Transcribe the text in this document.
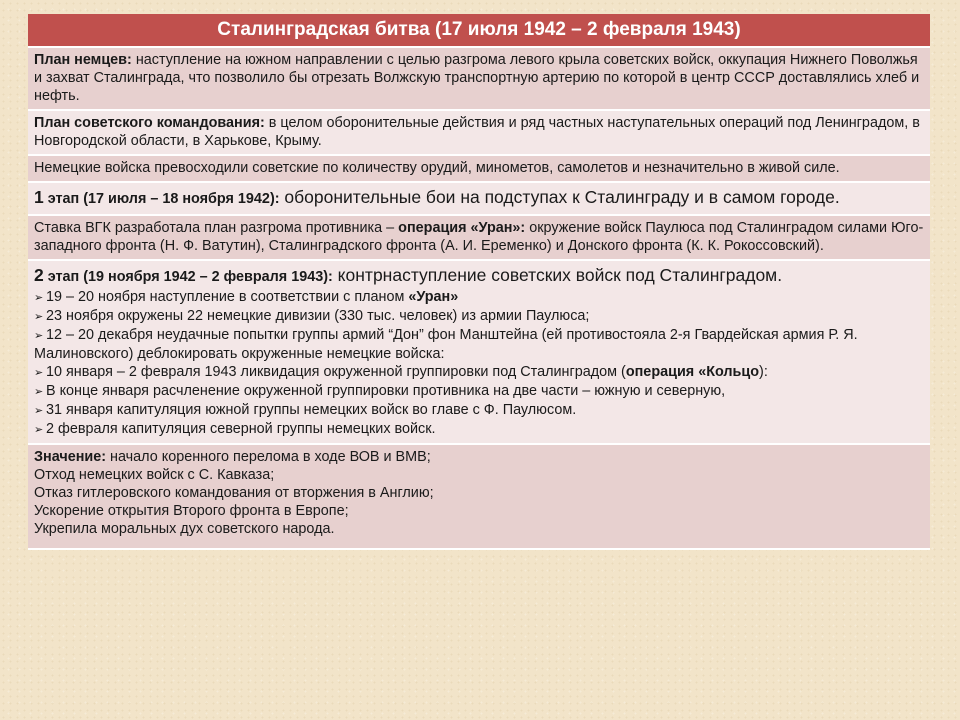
Сталинградская битва (17 июля 1942 – 2 февраля 1943)
План немцев: наступление на южном направлении с целью разгрома левого крыла советских войск, оккупация Нижнего Поволжья и захват Сталинграда, что позволило бы отрезать Волжскую транспортную артерию по которой в центр СССР доставлялись хлеб и нефть.
План советского командования: в целом оборонительные действия и ряд частных наступательных операций под Ленинградом, в Новгородской области, в Харькове, Крыму.
Немецкие войска превосходили советские по количеству орудий, минометов, самолетов и незначительно в живой силе.
1 этап (17 июля – 18 ноября 1942): оборонительные бои на подступах к Сталинграду и в самом городе.
Ставка ВГК разработала план разгрома противника – операция «Уран»: окружение войск Паулюса под Сталинградом силами Юго-западного фронта (Н. Ф. Ватутин), Сталинградского фронта (А. И. Еременко) и Донского фронта (К. К. Рокоссовский).
2 этап (19 ноября 1942 – 2 февраля 1943): контрнаступление советских войск под Сталинградом.
➢ 19 – 20 ноября наступление в соответствии с планом «Уран»
➢ 23 ноября окружены 22 немецкие дивизии (330 тыс. человек) из армии Паулюса;
➢ 12 – 20 декабря неудачные попытки группы армий “Дон” фон Манштейна (ей противостояла 2-я Гвардейская армия Р. Я. Малиновского) деблокировать окруженные немецкие войска:
➢ 10 января – 2 февраля 1943 ликвидация окруженной группировки под Сталинградом (операция «Кольцо):
➢ В конце января расчленение окруженной группировки противника на две части – южную и северную,
➢ 31 января капитуляция южной группы немецких войск во главе с Ф. Паулюсом.
➢ 2 февраля капитуляция северной группы немецких войск.
Значение: начало коренного перелома в ходе ВОВ и ВМВ;
Отход немецких войск с С. Кавказа;
Отказ гитлеровского командования от вторжения в Англию;
Ускорение открытия Второго фронта в Европе;
Укрепила моральных дух советского народа.
